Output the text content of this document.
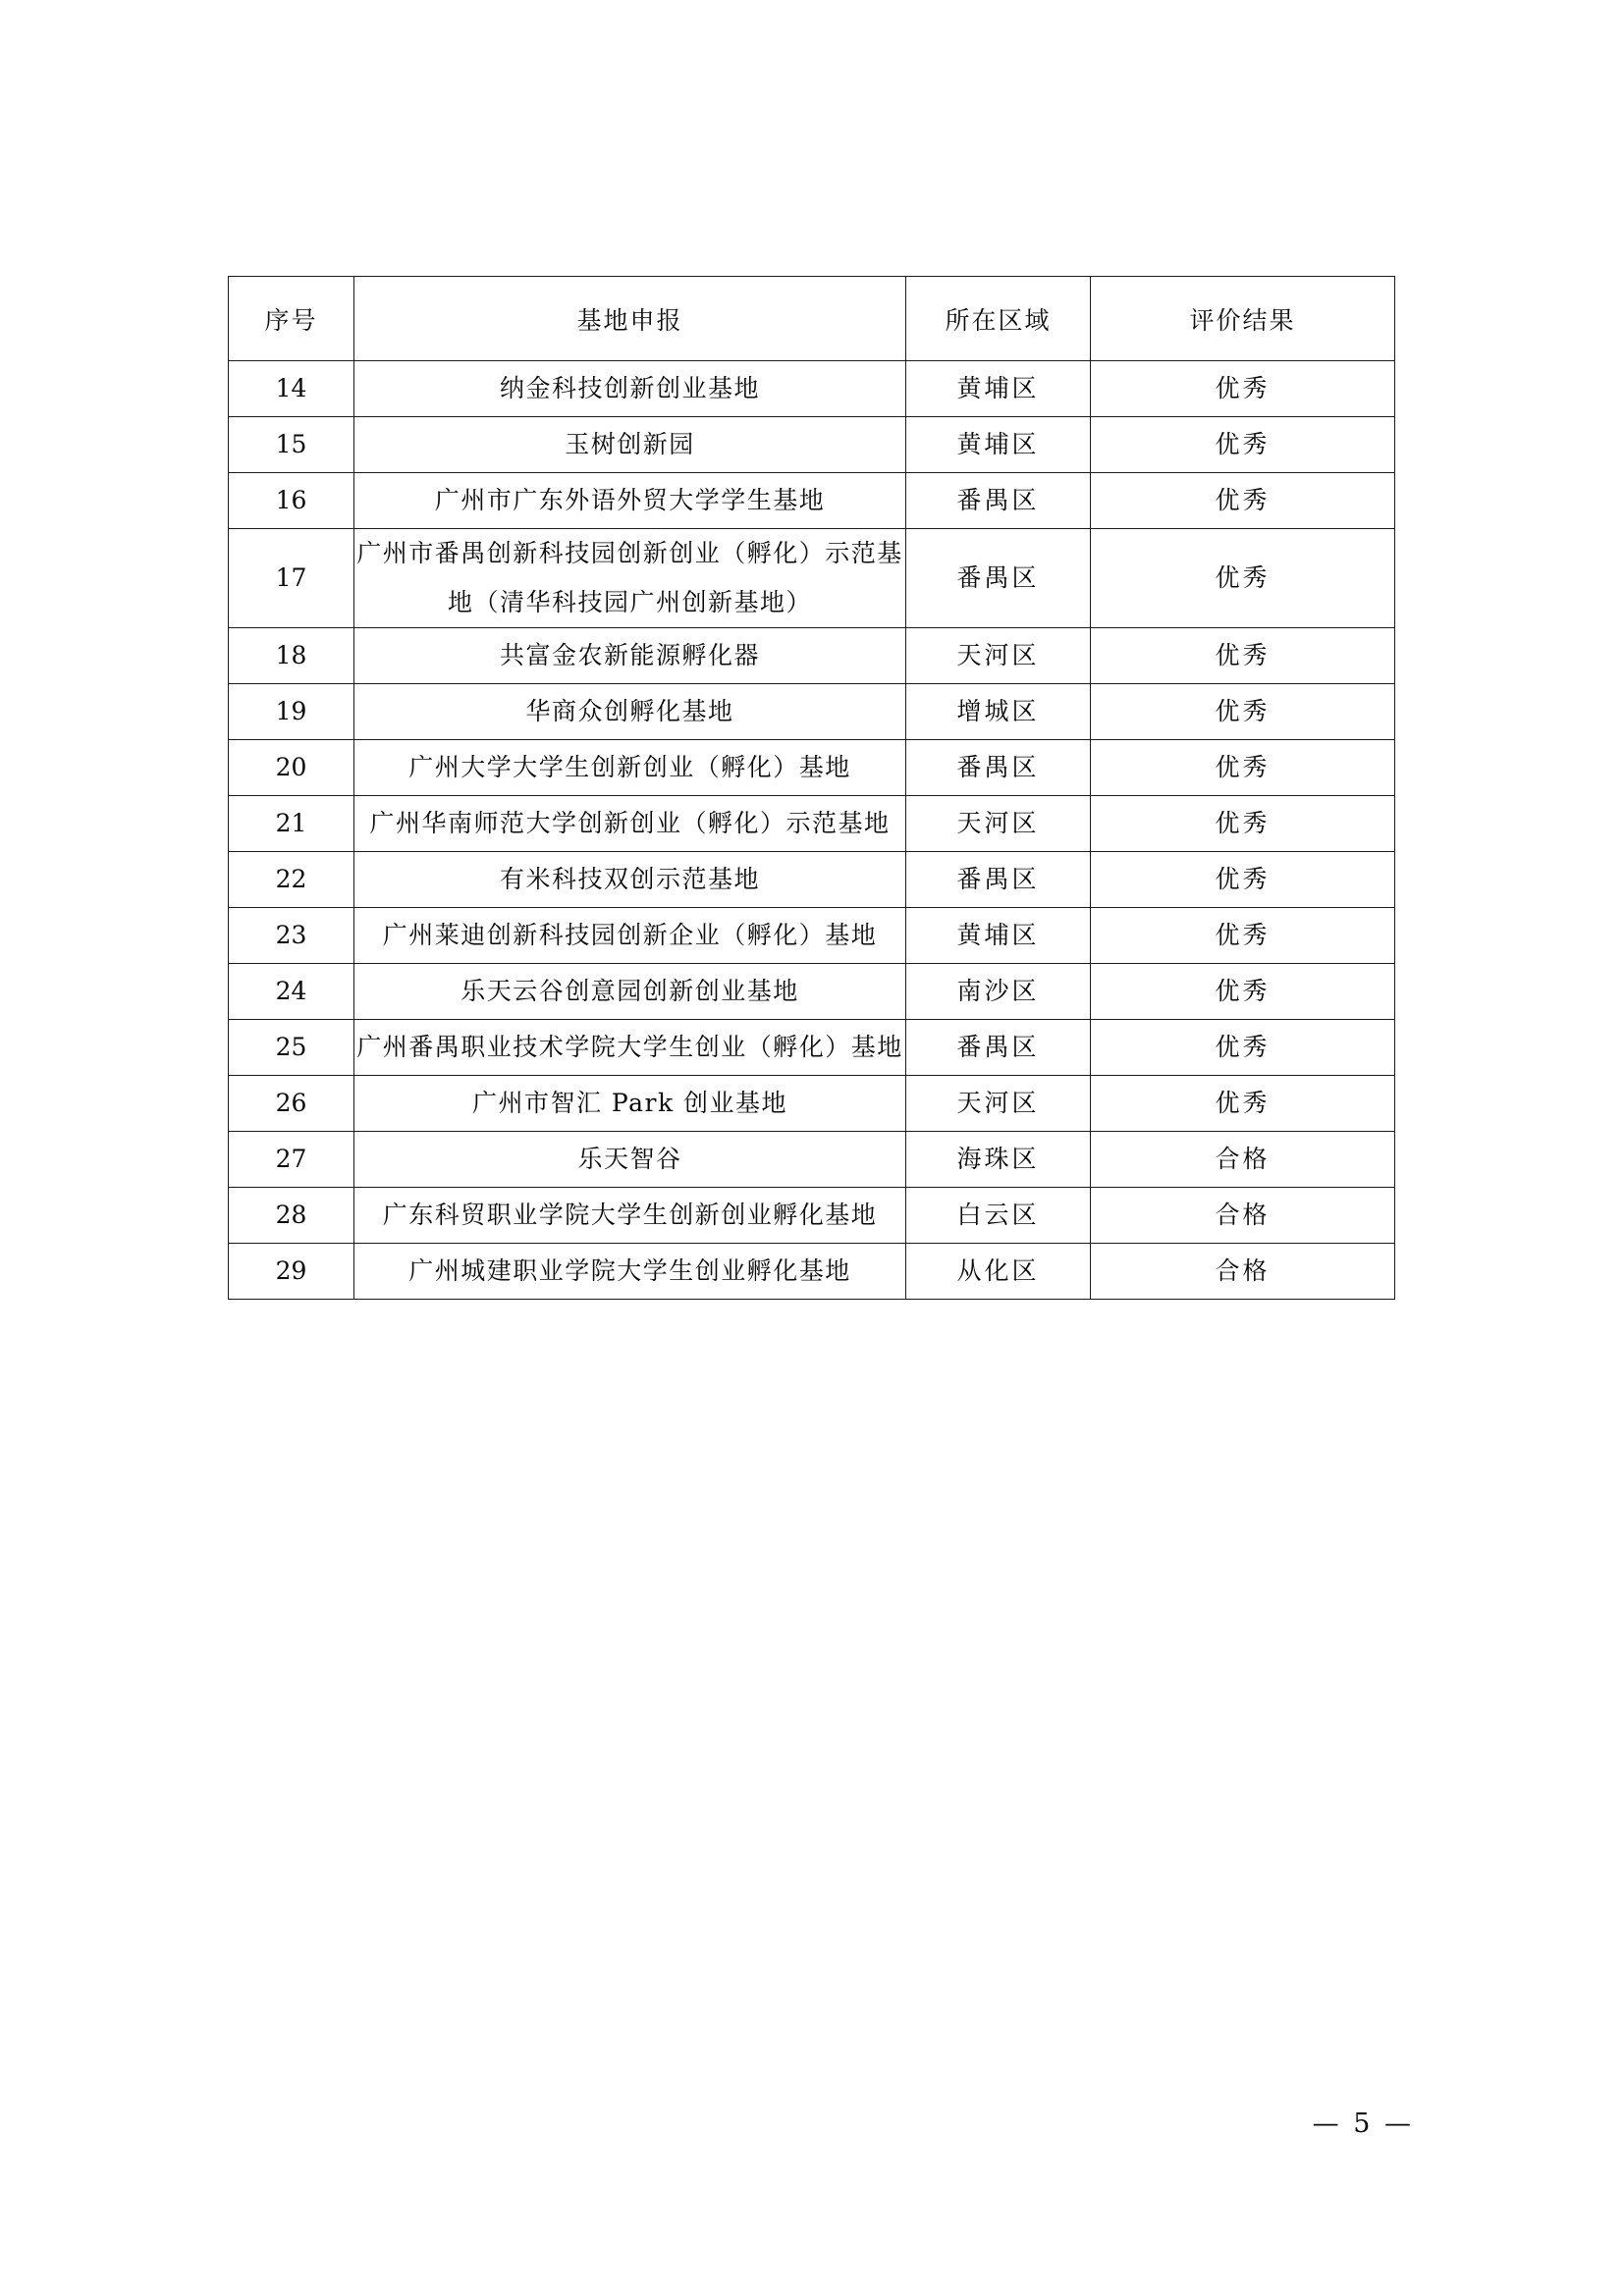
序号	基地申报	所在区域	评价结果
14	纳金科技创新创业基地	黄埔区	优秀
15	玉树创新园	黄埔区	优秀
16	广州市广东外语外贸大学学生基地	番禺区	优秀
17	广州市番禺创新科技园创新创业（孵化）示范基地（清华科技园广州创新基地）	番禺区	优秀
18	共富金农新能源孵化器	天河区	优秀
19	华商众创孵化基地	增城区	优秀
20	广州大学大学生创新创业（孵化）基地	番禺区	优秀
21	广州华南师范大学创新创业（孵化）示范基地	天河区	优秀
22	有米科技双创示范基地	番禺区	优秀
23	广州莱迪创新科技园创新企业（孵化）基地	黄埔区	优秀
24	乐天云谷创意园创新创业基地	南沙区	优秀
25	广州番禺职业技术学院大学生创业（孵化）基地	番禺区	优秀
26	广州市智汇 Park 创业基地	天河区	优秀
27	乐天智谷	海珠区	合格
28	广东科贸职业学院大学生创新创业孵化基地	白云区	合格
29	广州城建职业学院大学生创业孵化基地	从化区	合格
— 5 —
